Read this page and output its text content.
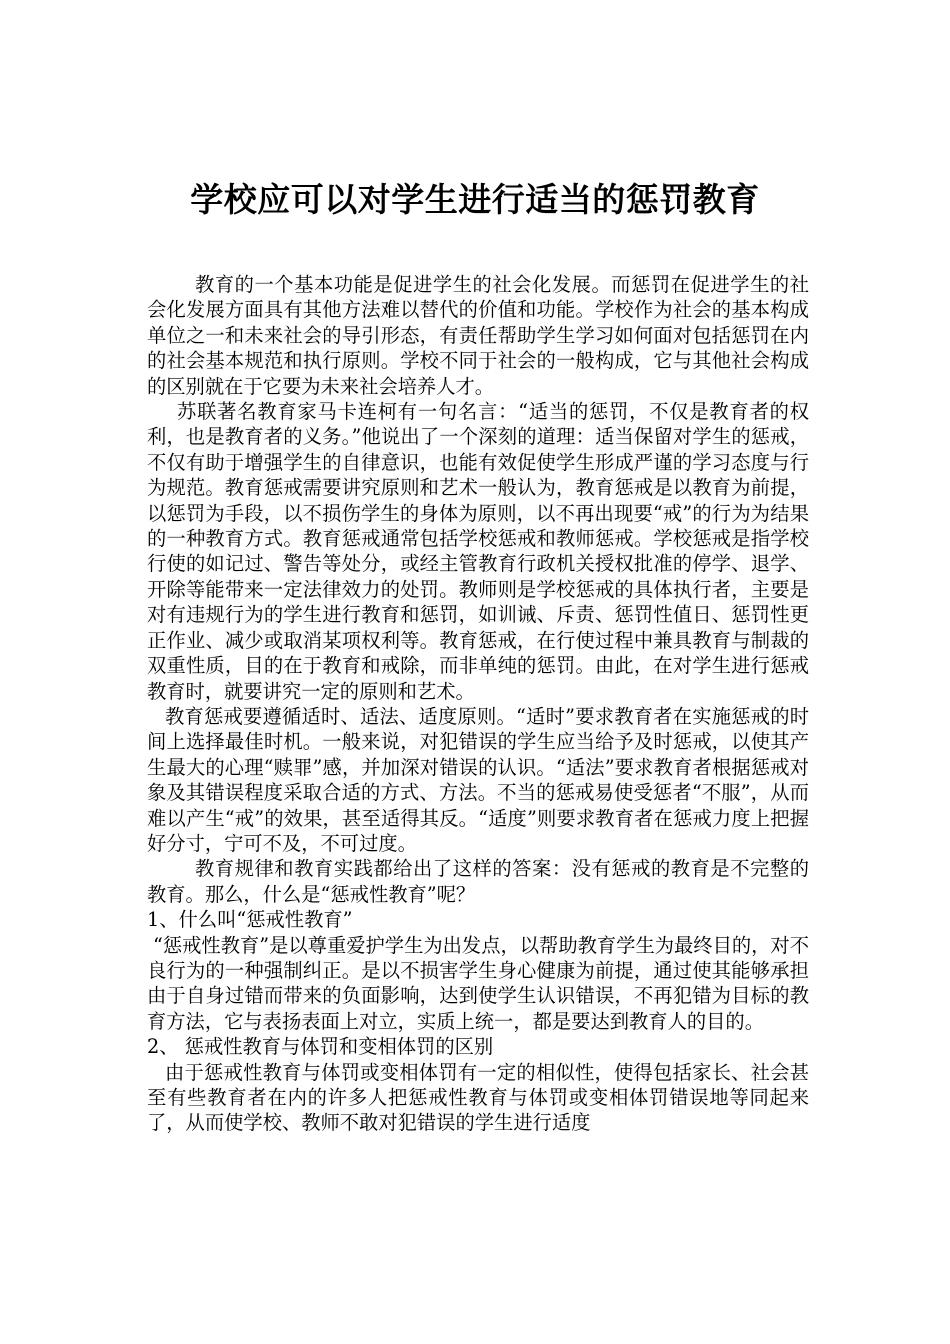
学校应可以对学生进行适当的惩罚教育

教育的一个基本功能是促进学生的社会化发展。而惩罚在促进学生的社会化发展方面具有其他方法难以替代的价值和功能。学校作为社会的基本构成单位之一和未来社会的导引形态，有责任帮助学生学习如何面对包括惩罚在内的社会基本规范和执行原则。学校不同于社会的一般构成，它与其他社会构成的区别就在于它要为未来社会培养人才。

苏联著名教育家马卡连柯有一句名言：“适当的惩罚，不仅是教育者的权利，也是教育者的义务。”他说出了一个深刻的道理：适当保留对学生的惩戒，不仅有助于增强学生的自律意识，也能有效促使学生形成严谨的学习态度与行为规范。教育惩戒需要讲究原则和艺术一般认为，教育惩戒是以教育为前提，以惩罚为手段，以不损伤学生的身体为原则，以不再出现要“戒”的行为为结果的一种教育方式。教育惩戒通常包括学校惩戒和教师惩戒。学校惩戒是指学校行使的如记过、警告等处分，或经主管教育行政机关授权批准的停学、退学、开除等能带来一定法律效力的处罚。教师则是学校惩戒的具体执行者，主要是对有违规行为的学生进行教育和惩罚，如训诫、斥责、惩罚性值日、惩罚性更正作业、减少或取消某项权利等。教育惩戒，在行使过程中兼具教育与制裁的双重性质，目的在于教育和戒除，而非单纯的惩罚。由此，在对学生进行惩戒教育时，就要讲究一定的原则和艺术。

教育惩戒要遵循适时、适法、适度原则。“适时”要求教育者在实施惩戒的时间上选择最佳时机。一般来说，对犯错误的学生应当给予及时惩戒，以使其产生最大的心理“赎罪”感，并加深对错误的认识。“适法”要求教育者根据惩戒对象及其错误程度采取合适的方式、方法。不当的惩戒易使受惩者“不服”，从而难以产生“戒”的效果，甚至适得其反。“适度”则要求教育者在惩戒力度上把握好分寸，宁可不及，不可过度。

教育规律和教育实践都给出了这样的答案：没有惩戒的教育是不完整的教育。那么，什么是“惩戒性教育”呢？

1、什么叫“惩戒性教育”

“惩戒性教育”是以尊重爱护学生为出发点，以帮助教育学生为最终目的，对不良行为的一种强制纠正。是以不损害学生身心健康为前提，通过使其能够承担由于自身过错而带来的负面影响，达到使学生认识错误，不再犯错为目标的教育方法，它与表扬表面上对立，实质上统一，都是要达到教育人的目的。

2、 惩戒性教育与体罚和变相体罚的区别

由于惩戒性教育与体罚或变相体罚有一定的相似性，使得包括家长、社会甚至有些教育者在内的许多人把惩戒性教育与体罚或变相体罚错误地等同起来了，从而使学校、教师不敢对犯错误的学生进行适度
